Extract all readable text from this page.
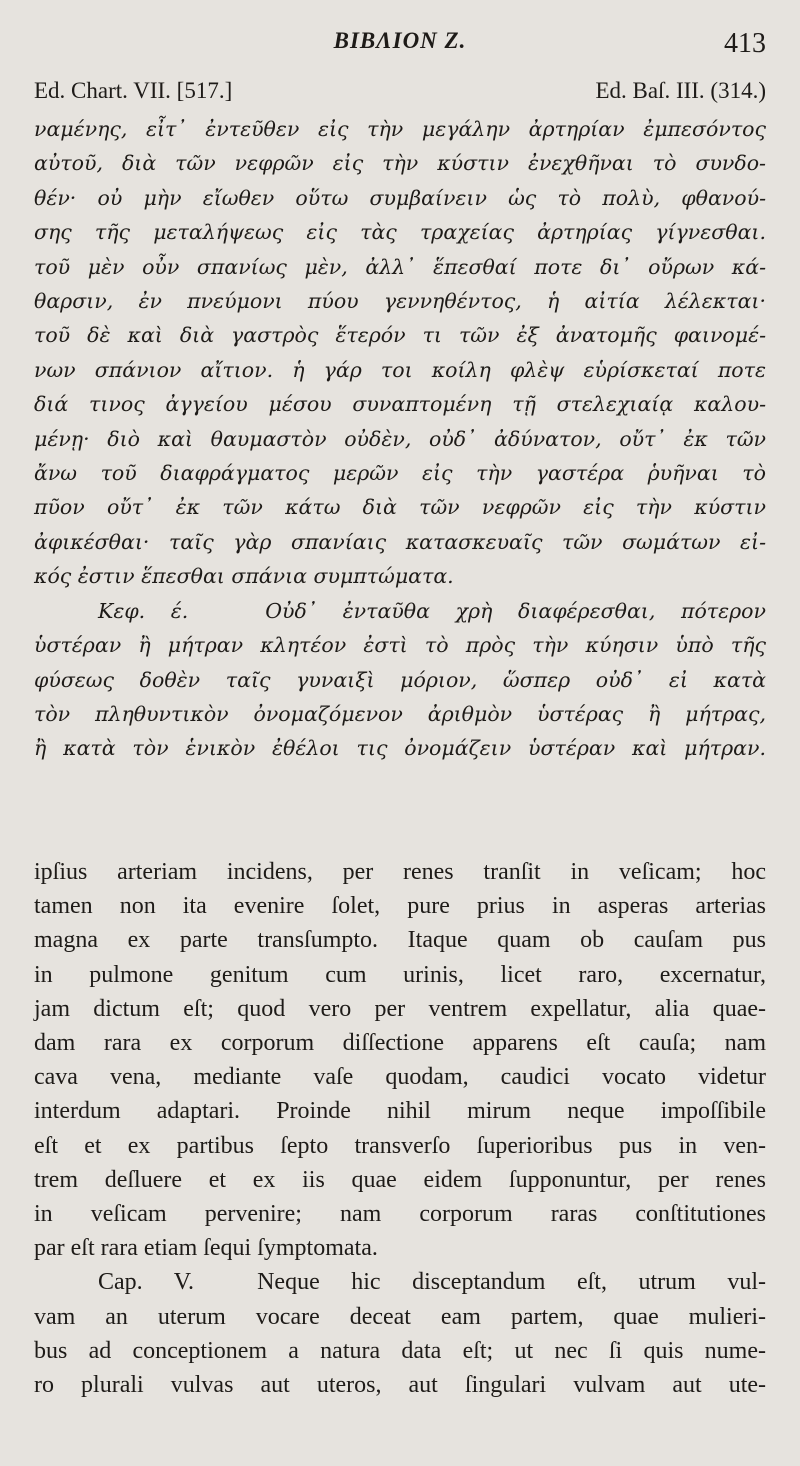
BIBΛΙΟΝ Ζ.	413
Ed. Chart. VII. [517.]	Ed. Baſ. III. (314.)
ναμένης, εἶτ᾽ ἐντεῦθεν εἰς τὴν μεγάλην ἀρτηρίαν ἐμπεσόντος
αὐτοῦ, διὰ τῶν νεφρῶν εἰς τὴν κύστιν ἐνεχθῆναι τὸ συνδο-
θέν· οὐ μὴν εἴωθεν οὕτω συμβαίνειν ὡς τὸ πολὺ, φθανού-
σης τῆς μεταλήψεως εἰς τὰς τραχείας ἀρτηρίας γίγνεσθαι.
τοῦ μὲν οὖν σπανίως μὲν, ἀλλ᾽ ἕπεσθαί ποτε δι᾽ οὔρων κά-
θαρσιν, ἐν πνεύμονι πύου γεννηθέντος, ἡ αἰτία λέλεκται·
τοῦ δὲ καὶ διὰ γαστρὸς ἕτερόν τι τῶν ἐξ ἀνατομῆς φαινομέ-
νων σπάνιον αἴτιον. ἡ γάρ τοι κοίλη φλὲψ εὑρίσκεταί ποτε
διά τινος ἀγγείου μέσου συναπτομένη τῇ στελεχιαίᾳ καλου-
μένῃ· διὸ καὶ θαυμαστὸν οὐδὲν, οὐδ᾽ ἀδύνατον, οὔτ᾽ ἐκ τῶν
ἄνω τοῦ διαφράγματος μερῶν εἰς τὴν γαστέρα ῥυῆναι τὸ
πῦον οὔτ᾽ ἐκ τῶν κάτω διὰ τῶν νεφρῶν εἰς τὴν κύστιν
ἀφικέσθαι· ταῖς γὰρ σπανίαις κατασκευαῖς τῶν σωμάτων εἰ-
κός ἐστιν ἕπεσθαι σπάνια συμπτώματα.
Κεφ. έ.	Οὐδ᾽ ἐνταῦθα χρὴ διαφέρεσθαι, πότερον
ὑστέραν ἢ μήτραν κλητέον ἐστὶ τὸ πρὸς τὴν κύησιν ὑπὸ τῆς
φύσεως δοθὲν ταῖς γυναιξὶ μόριον, ὥσπερ οὐδ᾽ εἰ κατὰ
τὸν πληθυντικὸν ὀνομαζόμενον ἀριθμὸν ὑστέρας ἢ μήτρας,
ἢ κατὰ τὸν ἑνικὸν ἐθέλοι τις ὀνομάζειν ὑστέραν καὶ μήτραν.
ipſius arteriam incidens, per renes tranſit in veſicam; hoc
tamen non ita evenire ſolet, pure prius in asperas arterias
magna ex parte transſumpto. Itaque quam ob cauſam pus
in pulmone genitum cum urinis, licet raro, excernatur,
jam dictum eſt; quod vero per ventrem expellatur, alia quae-
dam rara ex corporum diſſectione apparens eſt cauſa; nam
cava vena, mediante vaſe quodam, caudici vocato videtur
interdum adaptari. Proinde nihil mirum neque impoſſibile
eſt et ex partibus ſepto transverſo ſuperioribus pus in ven-
trem deſluere et ex iis quae eidem ſupponuntur, per renes
in veſicam pervenire; nam corporum raras conſtitutiones
par eſt rara etiam ſequi ſymptomata.
Cap. V.	Neque hic disceptandum eſt, utrum vul-
vam an uterum vocare deceat eam partem, quae mulieri-
bus ad conceptionem a natura data eſt; ut nec ſi quis nume-
ro plurali vulvas aut uteros, aut ſingulari vulvam aut ute-
